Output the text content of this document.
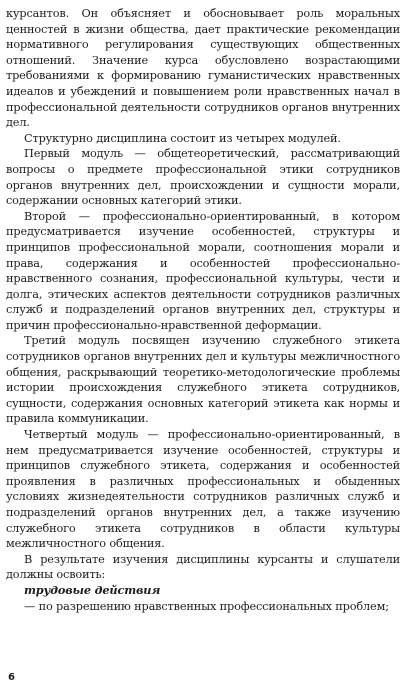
курсантов. Он объясняет и обосновывает роль моральных ценностей в жизни общества, дает практические рекомендации нормативного регулирования существующих общественных отношений. Значение курса обусловлено возрастающими требованиями к формированию гуманистических нравственных идеалов и убеждений и повышением роли нравственных начал в профессиональной деятельности сотрудников органов внутренних дел.

Структурно дисциплина состоит из четырех модулей.

Первый модуль — общетеоретический, рассматривающий вопросы о предмете профессиональной этики сотрудников органов внутренних дел, происхождении и сущности морали, содержании основных категорий этики.

Второй — профессионально-ориентированный, в котором предусматривается изучение особенностей, структуры и принципов профессиональной морали, соотношения морали и права, содержания и особенностей профессионально-нравственного сознания, профессиональной культуры, чести и долга, этических аспектов деятельности сотрудников различных служб и подразделений органов внутренних дел, структуры и причин профессионально-нравственной деформации.

Третий модуль посвящен изучению служебного этикета сотрудников органов внутренних дел и культуры межличностного общения, раскрывающий теоретико-методологические проблемы истории происхождения служебного этикета сотрудников, сущности, содержания основных категорий этикета как нормы и правила коммуникации.

Четвертый модуль — профессионально-ориентированный, в нем предусматривается изучение особенностей, структуры и принципов служебного этикета, содержания и особенностей проявления в различных профессиональных и обыденных условиях жизнедеятельности сотрудников различных служб и подразделений органов внутренних дел, а также изучению служебного этикета сотрудников в области культуры межличностного общения.

В результате изучения дисциплины курсанты и слушатели должны освоить:

трудовые действия

— по разрешению нравственных профессиональных проблем;

6
